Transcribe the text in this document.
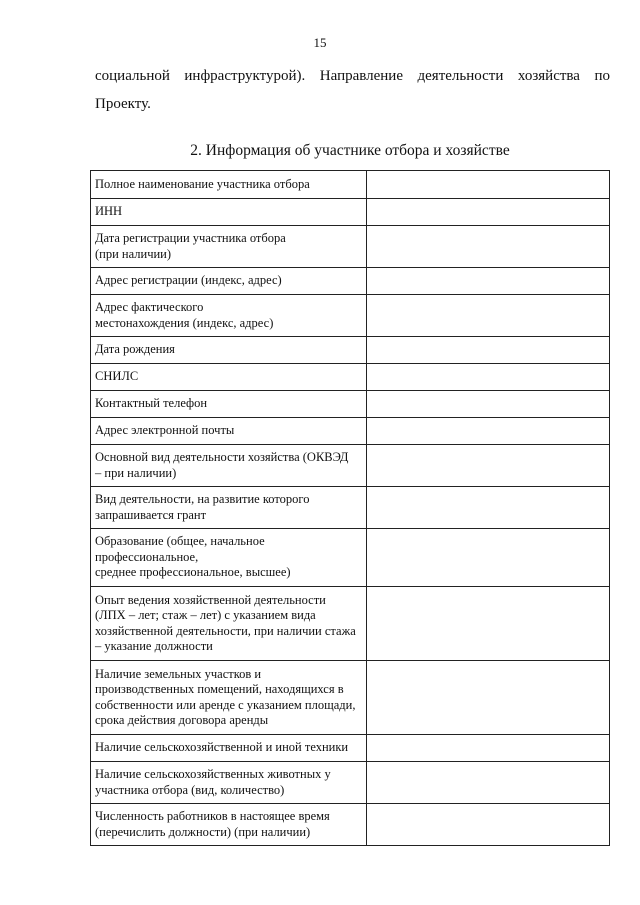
15
социальной инфраструктурой). Направление деятельности хозяйства по
Проекту.
2. Информация об участнике отбора и хозяйстве
Полное наименование участника отбора	

ИНН	

Дата регистрации участника отбора
(при наличии)	

Адрес регистрации (индекс, адрес)	

Адрес фактического
местонахождения (индекс, адрес)	

Дата рождения	

СНИЛС	

Контактный телефон	

Адрес электронной почты	

Основной вид деятельности хозяйства (ОКВЭД
– при наличии)	

Вид деятельности, на развитие которого
запрашивается грант	

Образование (общее, начальное
профессиональное,
среднее профессиональное, высшее)	

Опыт ведения хозяйственной деятельности
(ЛПХ – лет; стаж – лет) с указанием вида
хозяйственной деятельности, при наличии стажа
– указание должности	

Наличие земельных участков и
производственных помещений, находящихся в
собственности или аренде с указанием площади,
срока действия договора аренды	

Наличие сельскохозяйственной и иной техники	

Наличие сельскохозяйственных животных у
участника отбора (вид, количество)	

Численность работников в настоящее время
(перечислить должности) (при наличии)	
